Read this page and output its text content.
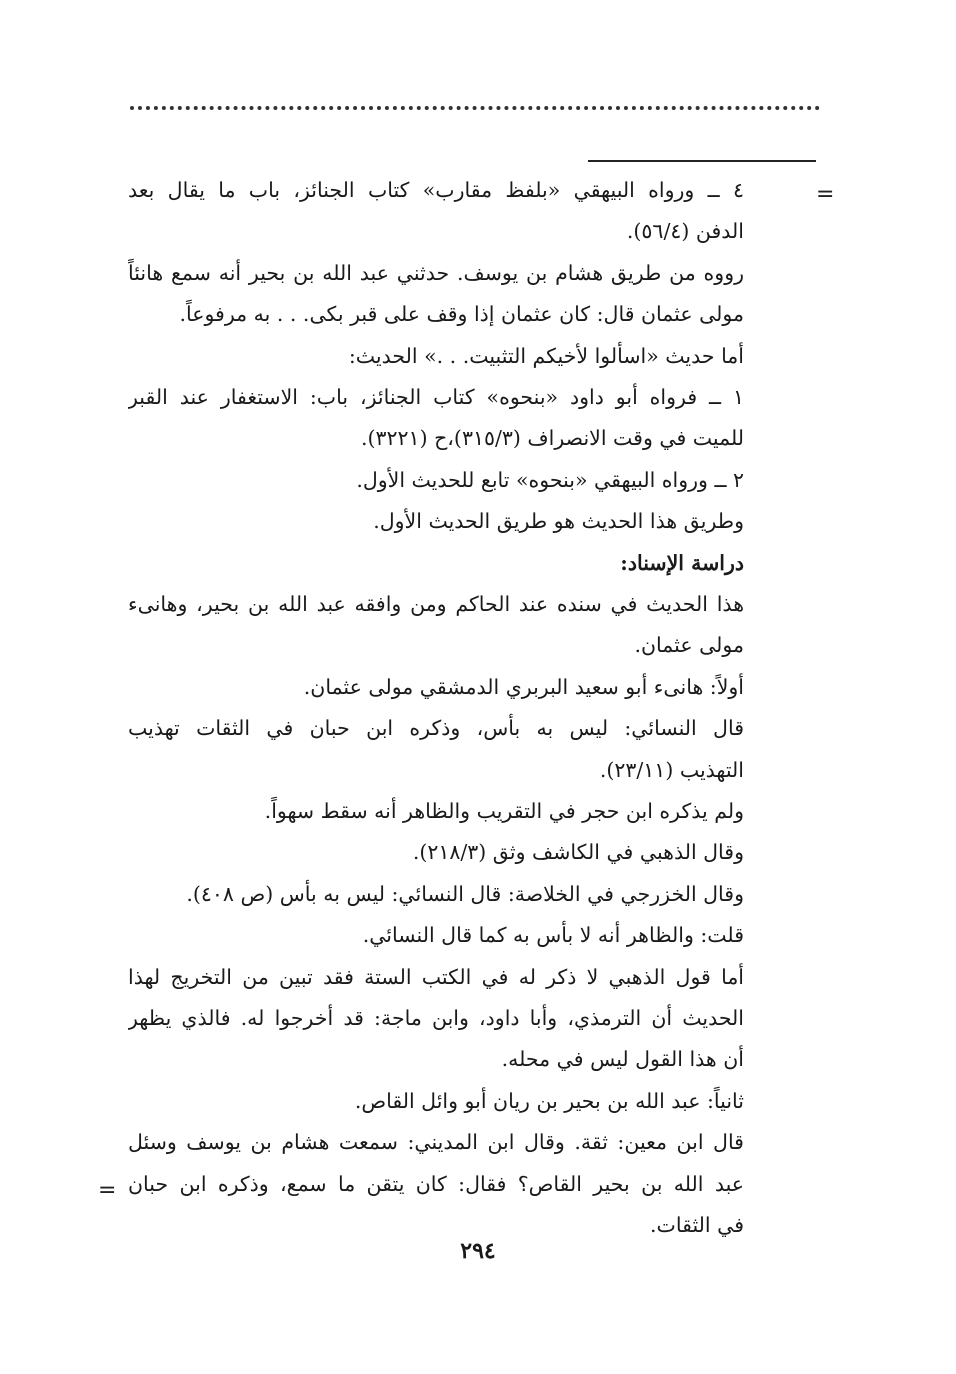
=
=
٤ ــ ورواه البيهقي «بلفظ مقارب» كتاب الجنائز، باب ما يقال بعد
الدفن (٥٦/٤).
رووه من طريق هشام بن يوسف. حدثني عبد الله بن بحير أنه سمع هانئاً
مولى عثمان قال: كان عثمان إذا وقف على قبر بكى. . . به مرفوعاً.
أما حديث «اسألوا لأخيكم التثبيت. . .» الحديث:
١ ــ فرواه أبو داود «بنحوه» كتاب الجنائز، باب: الاستغفار عند القبر
للميت في وقت الانصراف (٣١٥/٣)،ح (٣٢٢١).
٢ ــ ورواه البيهقي «بنحوه» تابع للحديث الأول.
وطريق هذا الحديث هو طريق الحديث الأول.
دراسة الإسناد:
هذا الحديث في سنده عند الحاكم ومن وافقه عبد الله بن بحير، وهانىء
مولى عثمان.
أولاً: هانىء أبو سعيد البربري الدمشقي مولى عثمان.
قال النسائي: ليس به بأس، وذكره ابن حبان في الثقات تهذيب
التهذيب (٢٣/١١).
ولم يذكره ابن حجر في التقريب والظاهر أنه سقط سهواً.
وقال الذهبي في الكاشف وثق (٢١٨/٣).
وقال الخزرجي في الخلاصة: قال النسائي: ليس به بأس (ص ٤٠٨).
قلت: والظاهر أنه لا بأس به كما قال النسائي.
أما قول الذهبي لا ذكر له في الكتب الستة فقد تبين من التخريج لهذا
الحديث أن الترمذي، وأبا داود، وابن ماجة: قد أخرجوا له. فالذي يظهر
أن هذا القول ليس في محله.
ثانياً: عبد الله بن بحير بن ريان أبو وائل القاص.
قال ابن معين: ثقة. وقال ابن المديني: سمعت هشام بن يوسف وسئل
عبد الله بن بحير القاص؟ فقال: كان يتقن ما سمع، وذكره ابن حبان
في الثقات.
٢٩٤
